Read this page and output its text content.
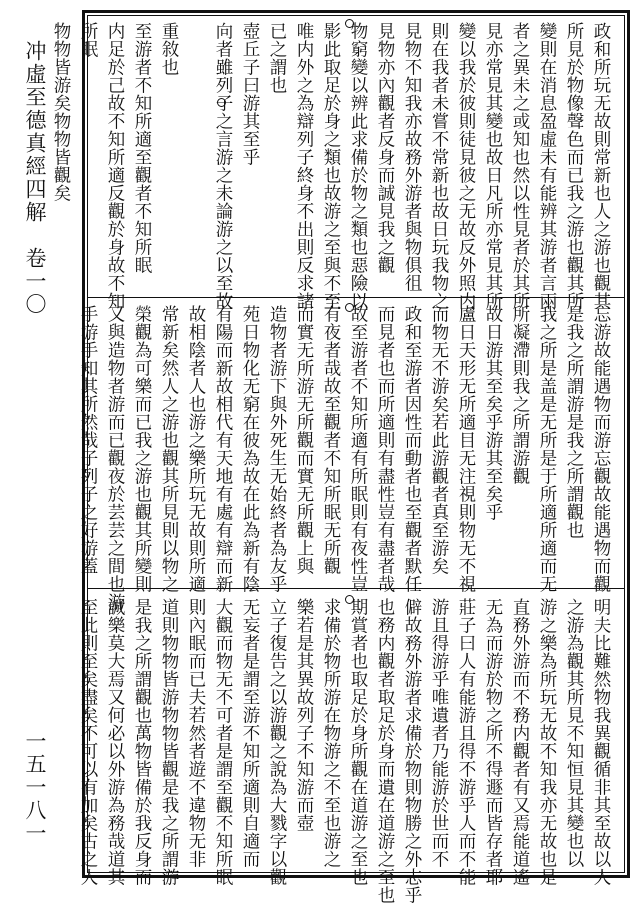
冲虛至德真經四解　卷一〇
一五一八一
政和所玩无故則常新也人之游也觀其
所見於物像聲色而已我之游也觀其所
變則在消息盈虛未有能辨其游者言兩
者之異未之或知也然以性見者於其所
見亦常見其變也故日凡所亦常見其所
變以我於彼則徒見彼之无故反外照内
則在我者未嘗不常新也故日玩我物之
見物不知我亦故務外游者與物俱徂
見物亦內觀者反身而誠見我之觀
物窮變以辨此求備於物之類也惡險以
影此取足於身之類也故游之至與不至
唯内外之為辯列子終身不出則反求諸
已之謂也
壺丘子曰游其至乎
向者雖列子之言游之未論游之以至故
重敘也
至游者不知所適至觀者不知所眠
内足於己故不知所適反觀於身故不知
所眠
物物皆游矣物物皆觀矣
忘游故能遇物而游忘觀故能遇物而觀
是我之所謂游是我之所謂觀也
我之所是盖是无所是于所適所適而无
所凝滯則我之所謂游觀
故日游其至矣乎游其至矣乎
盧日天形无所適目无注視則物无不視
而物无不游矣若此游觀者真至游矣
政和至游者因性而動者也至觀者默任
而見者也而所適則有盡性豈有盡者哉
故至游者不知所適有所眠則有夜性豈
有夜者哉故至觀者不知所眠无所觀
而實无所游无所觀而實无所觀上與
造物者游下與外死生无始終者為友乎
苑日物化无窮在彼為故在此為新有陰
有陽而新故相代有天地有處有辯而新
故相陰者人也游之樂所玩无故則所適
常新矣然人之游也觀其所見則以物之
榮觀為可樂而已我之游也觀其所變則
又與造物者游而已觀夜於芸芸之間也游
手游手知其所然哉子列子之好游蓋
明夫比難然物我異觀循非其至故以人
之游為觀其所見不知恒見其變也以
游之樂為所玩无故不知我亦无故也是
直務外游而不務内觀者有又焉能道遙
无為而游於物之所不得遯而皆存者耶
莊子曰人有能游且得不游乎人而不能
游且得游乎唯遺者乃能游於世而不
僻故務外游者求備於物則物勝之外志乎
也務内觀者取足於身而遺在道游之至也
期賞者也取足於身所觀在道游之至也
求備於物所游在物游之不至也游之
樂若是其異故列子不知游而壺
立子復告之以游觀之說為大戮字以觀
无妄者是謂至游不知所適則自適而
大觀而物无不可者是謂至觀不知所眠
則內眠而已夫若然者遊不違物无非
道則物物皆游物物皆觀是我之所謂游
是我之所謂觀也萬物皆備於我反身而
誠樂莫大焉又何必以外游為務哉道其
至此則至矣盡矣不可以有加矣古之人
